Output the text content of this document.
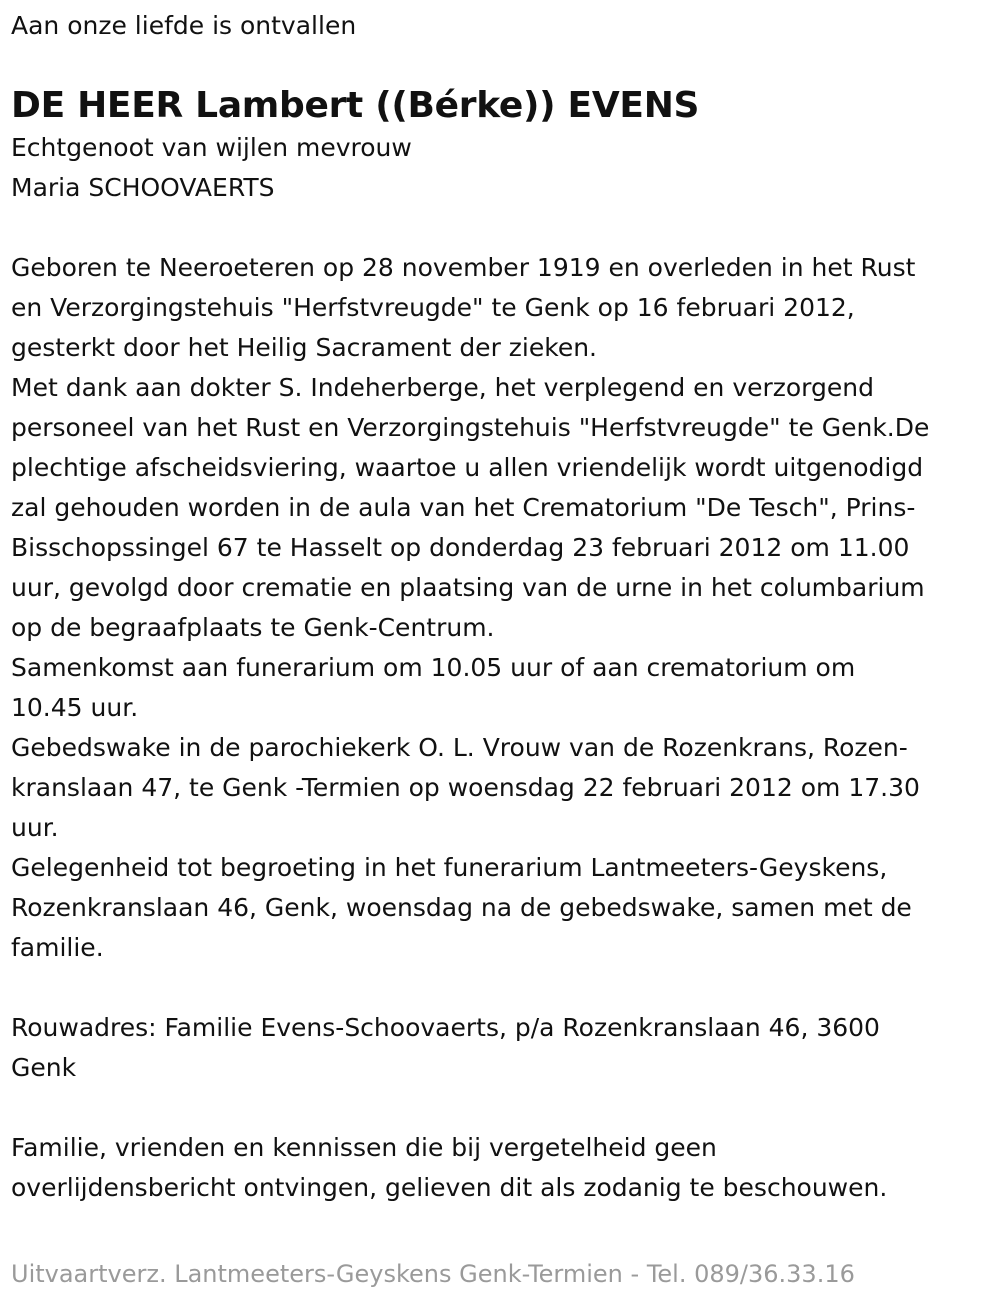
Aan onze liefde is ontvallen

DE HEER Lambert ((Bérke)) EVENS

Echtgenoot van wijlen mevrouw

Maria SCHOOVAERTS

Geboren te Neeroeteren op 28 november 1919 en overleden in het Rust
en Verzorgingstehuis "Herfstvreugde" te Genk op 16 februari 2012,
gesterkt door het Heilig Sacrament der zieken.
Met dank aan dokter S. Indeherberge, het verplegend en verzorgend
personeel van het Rust en Verzorgingstehuis "Herfstvreugde" te Genk.De
plechtige afscheidsviering, waartoe u allen vriendelijk wordt uitgenodigd
zal gehouden worden in de aula van het Crematorium "De Tesch", Prins-
Bisschopssingel 67 te Hasselt op donderdag 23 februari 2012 om 11.00
uur, gevolgd door crematie en plaatsing van de urne in het columbarium
op de begraafplaats te Genk-Centrum.
Samenkomst aan funerarium om 10.05 uur of aan crematorium om
10.45 uur.
Gebedswake in de parochiekerk O. L. Vrouw van de Rozenkrans, Rozen-
kranslaan 47, te Genk -Termien op woensdag 22 februari 2012 om 17.30
uur.
Gelegenheid tot begroeting in het funerarium Lantmeeters-Geyskens,
Rozenkranslaan 46, Genk, woensdag na de gebedswake, samen met de
familie.
Rouwadres: Familie Evens-Schoovaerts, p/a Rozenkranslaan 46, 3600
Genk
Familie, vrienden en kennissen die bij vergetelheid geen
overlijdensbericht ontvingen, gelieven dit als zodanig te beschouwen.
Uitvaartverz. Lantmeeters-Geyskens Genk-Termien - Tel. 089/36.33.16
